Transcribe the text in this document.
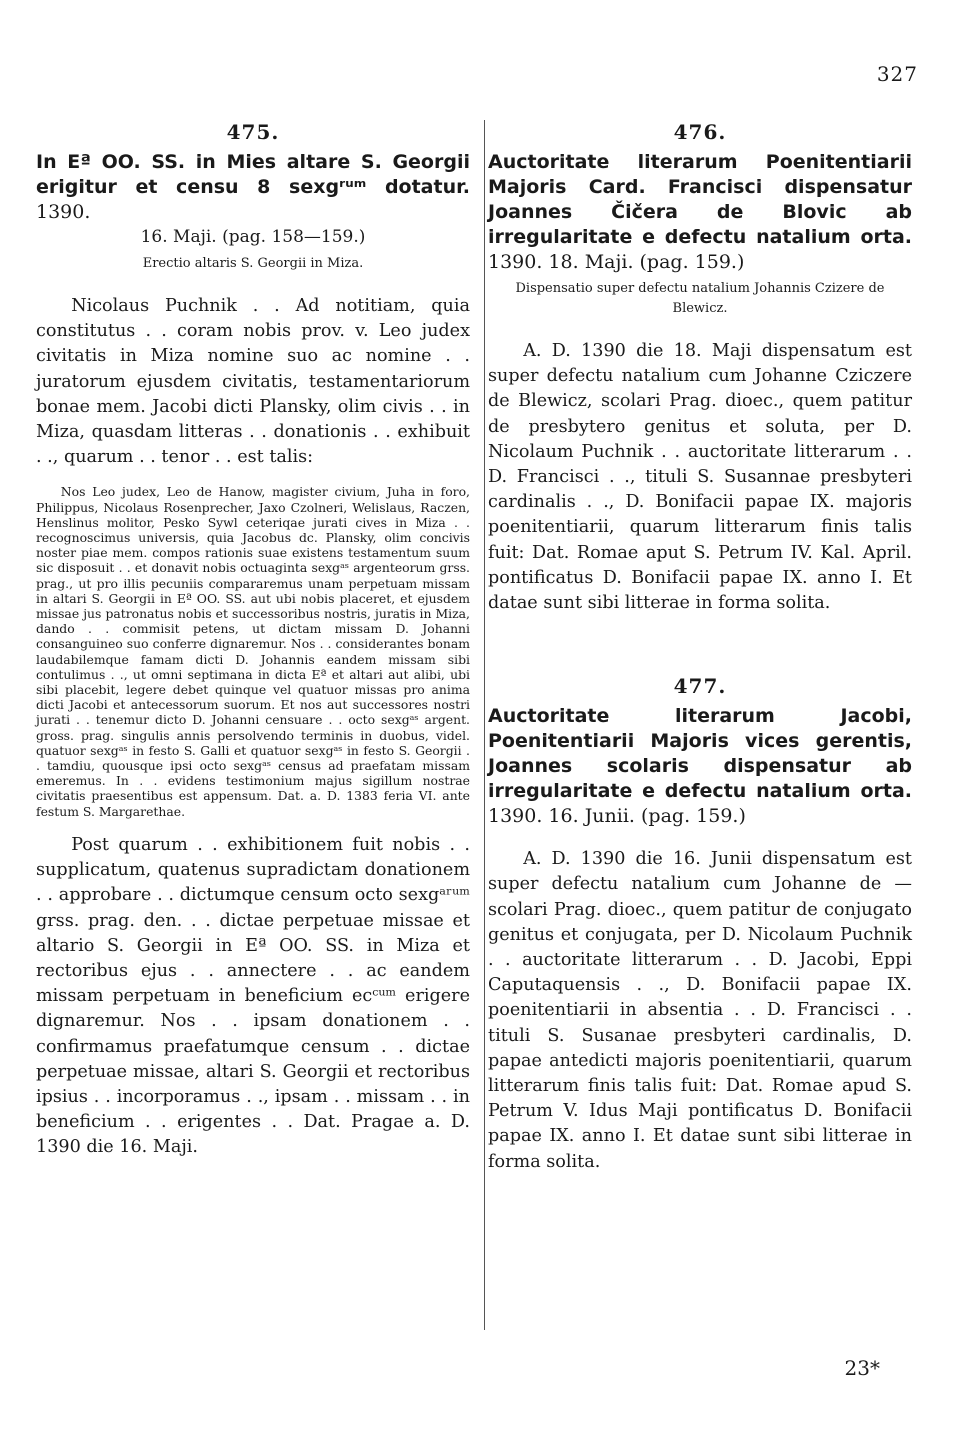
327
475.

In Eª OO. SS. in Mies altare S. Georgii erigitur et censu 8 sexgʳᵘᵐ dotatur. 1390.

16. Maji. (pag. 158—159.)

Erectio altaris S. Georgii in Miza.

Nicolaus Puchnik . . Ad notitiam, quia constitutus . . coram nobis prov. v. Leo judex civitatis in Miza nomine suo ac nomine . . juratorum ejusdem civitatis, testamentariorum bonae mem. Jacobi dicti Plansky, olim civis . . in Miza, quasdam litteras . . donationis . . exhibuit . ., quarum . . tenor . . est talis:

Nos Leo judex, Leo de Hanow, magister civium, Juha in foro, Philippus, Nicolaus Rosenprecher, Jaxo Czolneri, Welislaus, Raczen, Henslinus molitor, Pesko Sywl ceteriqae jurati cives in Miza . . recognoscimus universis, quia Jacobus dc. Plansky, olim concivis noster piae mem. compos rationis suae existens testamentum suum sic disposuit . . et donavit nobis octuaginta sexgᵃˢ argenteorum grss. prag., ut pro illis pecuniis compararemus unam perpetuam missam in altari S. Georgii in Eª OO. SS. aut ubi nobis placeret, et ejusdem missae jus patronatus nobis et successoribus nostris, juratis in Miza, dando . . commisit petens, ut dictam missam D. Johanni consanguineo suo conferre dignaremur. Nos . . considerantes bonam laudabilemque famam dicti D. Johannis eandem missam sibi contulimus . ., ut omni septimana in dicta Eª et altari aut alibi, ubi sibi placebit, legere debet quinque vel quatuor missas pro anima dicti Jacobi et antecessorum suorum. Et nos aut successores nostri jurati . . tenemur dicto D. Johanni censuare . . octo sexgᵃˢ argent. gross. prag. singulis annis persolvendo terminis in duobus, videl. quatuor sexgᵃˢ in festo S. Galli et quatuor sexgᵃˢ in festo S. Georgii . . tamdiu, quousque ipsi octo sexgᵃˢ census ad praefatam missam emeremus. In . . evidens testimonium majus sigillum nostrae civitatis praesentibus est appensum. Dat. a. D. 1383 feria VI. ante festum S. Margarethae.

Post quarum . . exhibitionem fuit nobis . . supplicatum, quatenus supradictam donationem . . approbare . . dictumque censum octo sexgᵃʳᵘᵐ grss. prag. den. . . dictae perpetuae missae et altario S. Georgii in Eª OO. SS. in Miza et rectoribus ejus . . annectere . . ac eandem missam perpetuam in beneficium ecᶜᵘᵐ erigere dignaremur. Nos . . ipsam donationem . . confirmamus praefatumque censum . . dictae perpetuae missae, altari S. Georgii et rectoribus ipsius . . incorporamus . ., ipsam . . missam . . in beneficium . . erigentes . . Dat. Pragae a. D. 1390 die 16. Maji.

476.

Auctoritate literarum Poenitentiarii Majoris Card. Francisci dispensatur Joannes Čičera de Blovic ab irregularitate e defectu natalium orta. 1390. 18. Maji. (pag. 159.)

Dispensatio super defectu natalium Johannis Czizere de Blewicz.

A. D. 1390 die 18. Maji dispensatum est super defectu natalium cum Johanne Cziczere de Blewicz, scolari Prag. dioec., quem patitur de presbytero genitus et soluta, per D. Nicolaum Puchnik . . auctoritate litterarum . . D. Francisci . ., tituli S. Susannae presbyteri cardinalis . ., D. Bonifacii papae IX. majoris poenitentiarii, quarum litterarum finis talis fuit: Dat. Romae aput S. Petrum IV. Kal. April. pontificatus D. Bonifacii papae IX. anno I. Et datae sunt sibi litterae in forma solita.

477.

Auctoritate literarum Jacobi, Poenitentiarii Majoris vices gerentis, Joannes scolaris dispensatur ab irregularitate e defectu natalium orta. 1390. 16. Junii. (pag. 159.)

A. D. 1390 die 16. Junii dispensatum est super defectu natalium cum Johanne de — scolari Prag. dioec., quem patitur de conjugato genitus et conjugata, per D. Nicolaum Puchnik . . auctoritate litterarum . . D. Jacobi, Eppi Caputaquensis . ., D. Bonifacii papae IX. poenitentiarii in absentia . . D. Francisci . . tituli S. Susanae presbyteri cardinalis, D. papae antedicti majoris poenitentiarii, quarum litterarum finis talis fuit: Dat. Romae apud S. Petrum V. Idus Maji pontificatus D. Bonifacii papae IX. anno I. Et datae sunt sibi litterae in forma solita.

23*
